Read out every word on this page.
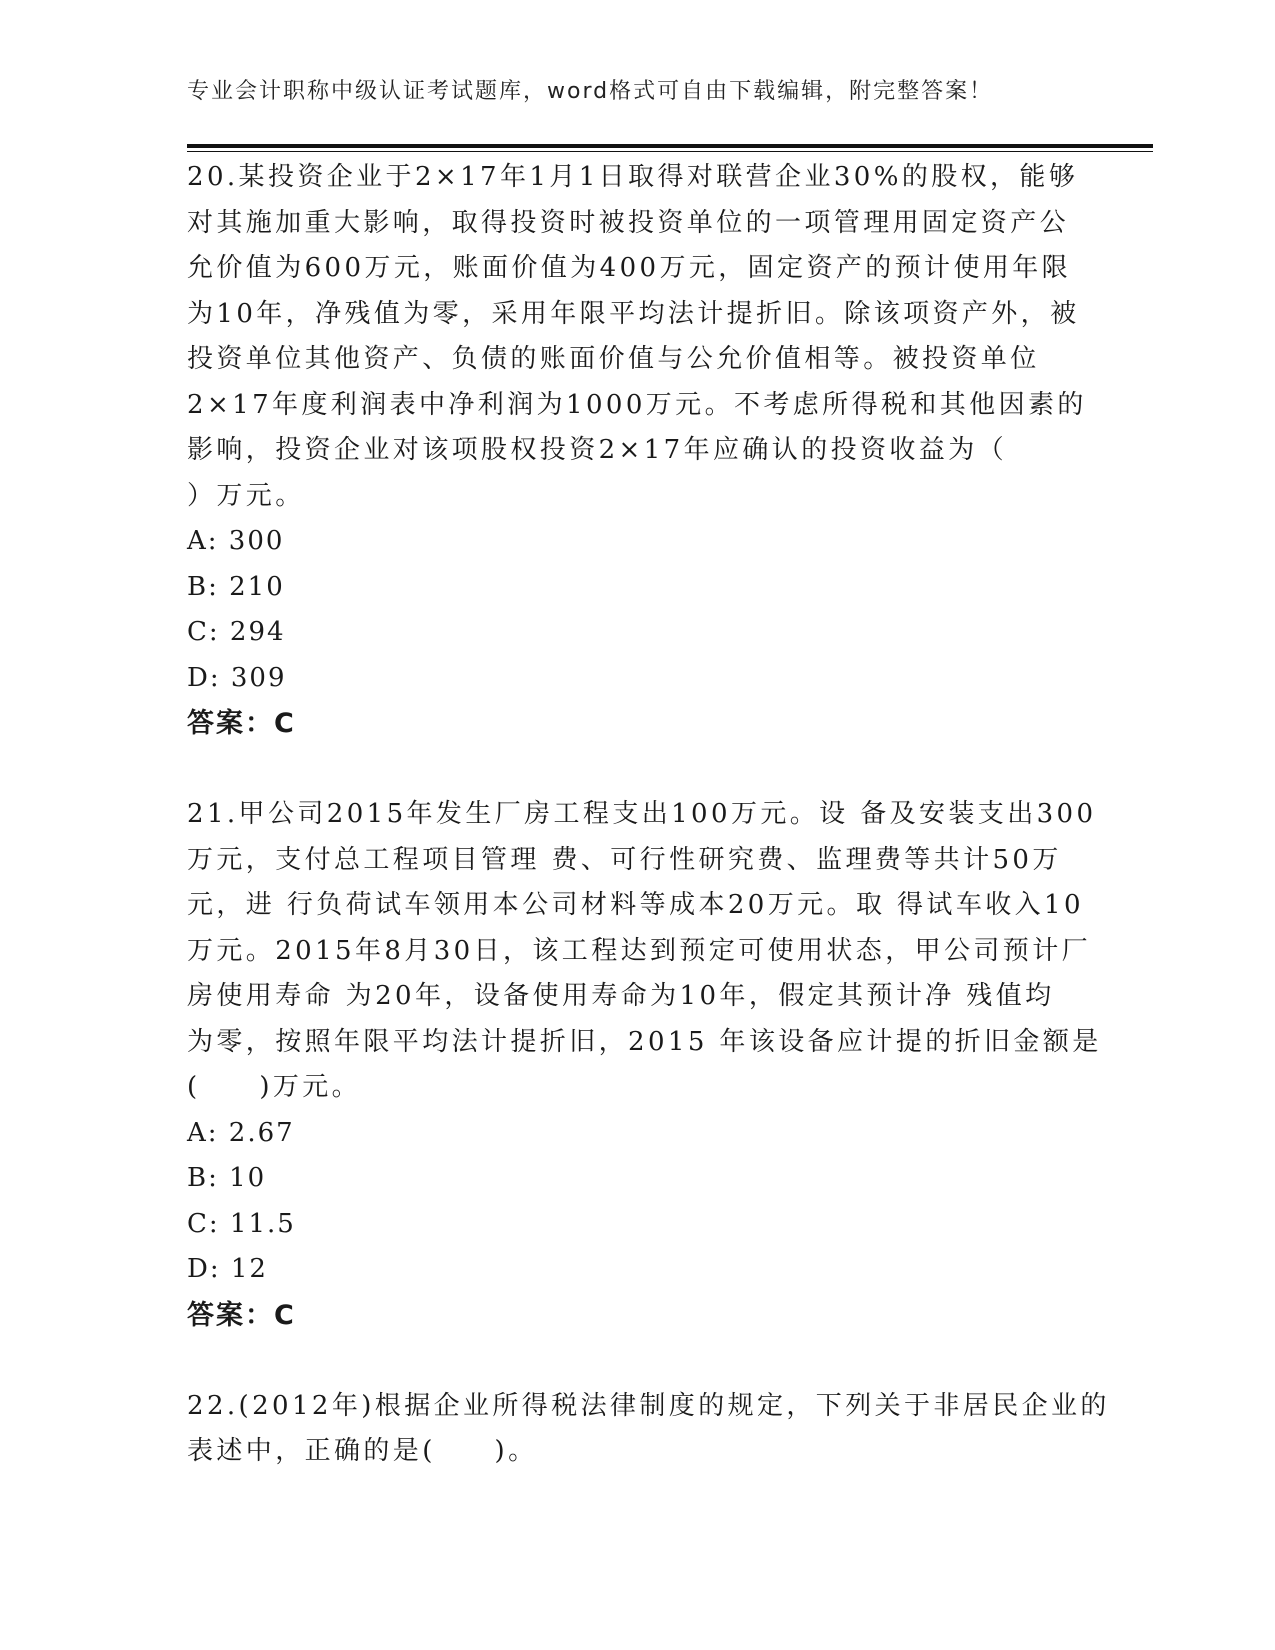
专业会计职称中级认证考试题库，word格式可自由下载编辑，附完整答案！
20.某投资企业于2×17年1月1日取得对联营企业30%的股权，能够
对其施加重大影响，取得投资时被投资单位的一项管理用固定资产公
允价值为600万元，账面价值为400万元，固定资产的预计使用年限
为10年，净残值为零，采用年限平均法计提折旧。除该项资产外，被
投资单位其他资产、负债的账面价值与公允价值相等。被投资单位
2×17年度利润表中净利润为1000万元。不考虑所得税和其他因素的
影响，投资企业对该项股权投资2×17年应确认的投资收益为（
）万元。
A: 300
B: 210
C: 294
D: 309
答案：C
21.甲公司2015年发生厂房工程支出100万元。设 备及安装支出300
万元，支付总工程项目管理 费、可行性研究费、监理费等共计50万
元，进 行负荷试车领用本公司材料等成本20万元。取 得试车收入10
万元。2015年8月30日，该工程达到预定可使用状态，甲公司预计厂
房使用寿命 为20年，设备使用寿命为10年，假定其预计净 残值均
为零，按照年限平均法计提折旧，2015 年该设备应计提的折旧金额是
(　　)万元。
A: 2.67
B: 10
C: 11.5
D: 12
答案：C
22.(2012年)根据企业所得税法律制度的规定，下列关于非居民企业的
表述中，正确的是(　　)。
